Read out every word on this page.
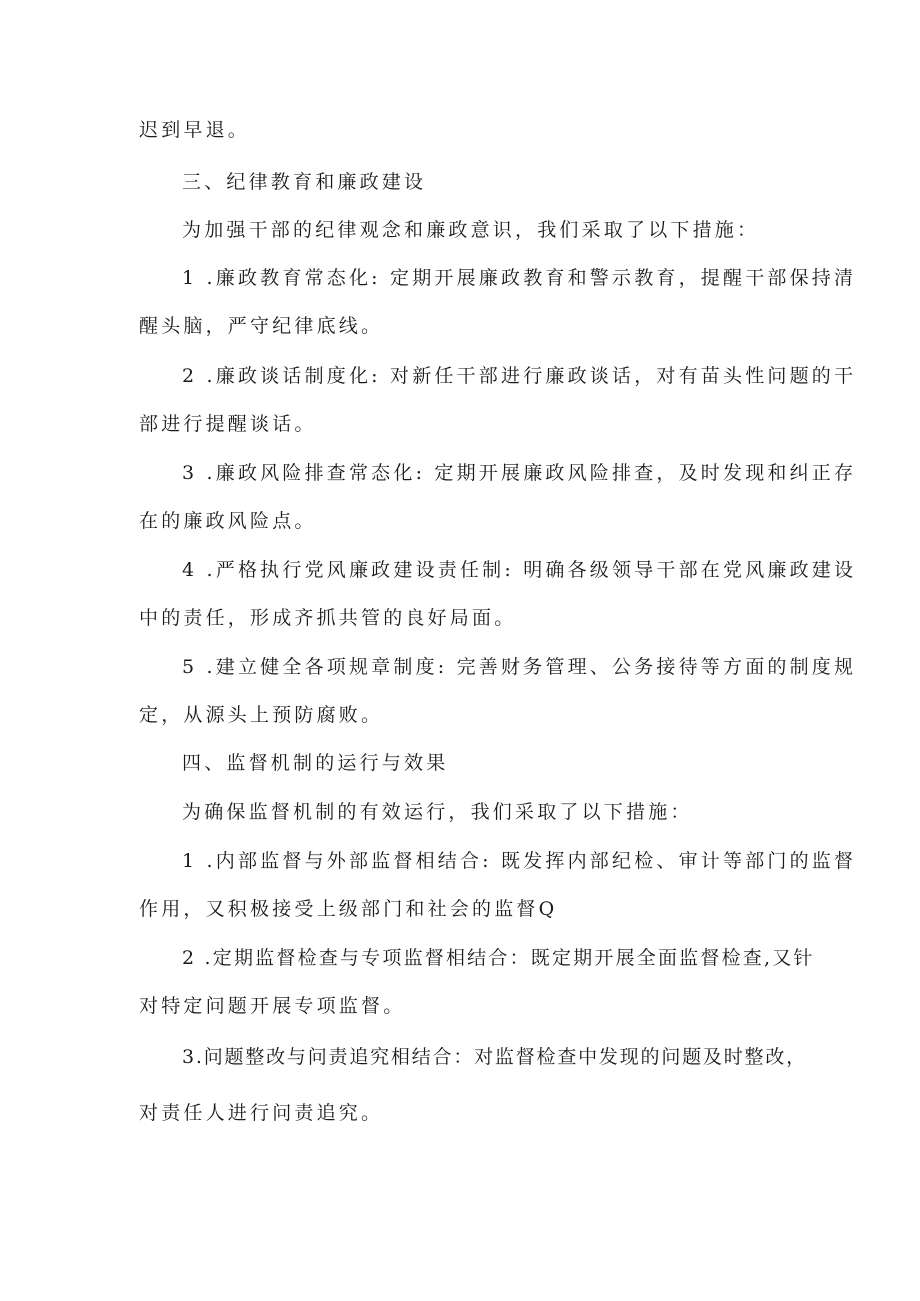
迟到早退。
三、纪律教育和廉政建设
为加强干部的纪律观念和廉政意识，我们采取了以下措施：
1 .廉政教育常态化: 定期开展廉政教育和警示教育，提醒干部保持清
醒头脑，严守纪律底线。
2 .廉政谈话制度化: 对新任干部进行廉政谈话，对有苗头性问题的干
部进行提醒谈话。
3 .廉政风险排查常态化: 定期开展廉政风险排查，及时发现和纠正存
在的廉政风险点。
4 .严格执行党风廉政建设责任制: 明确各级领导干部在党风廉政建设
中的责任，形成齐抓共管的良好局面。
5 .建立健全各项规章制度: 完善财务管理、公务接待等方面的制度规
定，从源头上预防腐败。
四、监督机制的运行与效果
为确保监督机制的有效运行，我们采取了以下措施：
1 .内部监督与外部监督相结合: 既发挥内部纪检、审计等部门的监督
作用，又积极接受上级部门和社会的监督Q
2 .定期监督检查与专项监督相结合：既定期开展全面监督检查,又针
对特定问题开展专项监督。
3.问题整改与问责追究相结合：对监督检查中发现的问题及时整改，
对责任人进行问责追究。
